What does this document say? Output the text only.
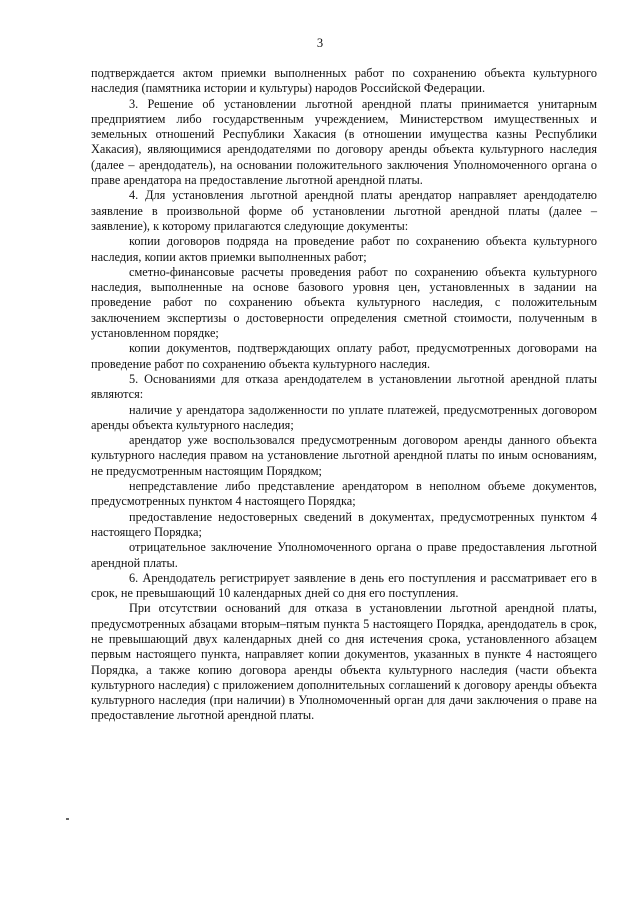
3

подтверждается актом приемки выполненных работ по сохранению объекта культурного наследия (памятника истории и культуры) народов Российской Федерации.

3. Решение об установлении льготной арендной платы принимается унитарным предприятием либо государственным учреждением, Министерством имущественных и земельных отношений Республики Хакасия (в отношении имущества казны Республики Хакасия), являющимися арендодателями по договору аренды объекта культурного наследия (далее – арендодатель), на основании положительного заключения Уполномоченного органа о праве арендатора на предоставление льготной арендной платы.

4. Для установления льготной арендной платы арендатор направляет арендодателю заявление в произвольной форме об установлении льготной арендной платы (далее – заявление), к которому прилагаются следующие документы:

копии договоров подряда на проведение работ по сохранению объекта культурного наследия, копии актов приемки выполненных работ;

сметно-финансовые расчеты проведения работ по сохранению объекта культурного наследия, выполненные на основе базового уровня цен, установленных в задании на проведение работ по сохранению объекта культурного наследия, с положительным заключением экспертизы о достоверности определения сметной стоимости, полученным в установленном порядке;

копии документов, подтверждающих оплату работ, предусмотренных договорами на проведение работ по сохранению объекта культурного наследия.

5. Основаниями для отказа арендодателем в установлении льготной арендной платы являются:

наличие у арендатора задолженности по уплате платежей, предусмотренных договором аренды объекта культурного наследия;

арендатор уже воспользовался предусмотренным договором аренды данного объекта культурного наследия правом на установление льготной арендной платы по иным основаниям, не предусмотренным настоящим Порядком;

непредставление либо представление арендатором в неполном объеме документов, предусмотренных пунктом 4 настоящего Порядка;

предоставление недостоверных сведений в документах, предусмотренных пунктом 4 настоящего Порядка;

отрицательное заключение Уполномоченного органа о праве предоставления льготной арендной платы.

6. Арендодатель регистрирует заявление в день его поступления и рассматривает его в срок, не превышающий 10 календарных дней со дня его поступления.

При отсутствии оснований для отказа в установлении льготной арендной платы, предусмотренных абзацами вторым–пятым пункта 5 настоящего Порядка, арендодатель в срок, не превышающий двух календарных дней со дня истечения срока, установленного абзацем первым настоящего пункта, направляет копии документов, указанных в пункте 4 настоящего Порядка, а также копию договора аренды объекта культурного наследия (части объекта культурного наследия) с приложением дополнительных соглашений к договору аренды объекта культурного наследия (при наличии) в Уполномоченный орган для дачи заключения о праве на предоставление льготной арендной платы.
